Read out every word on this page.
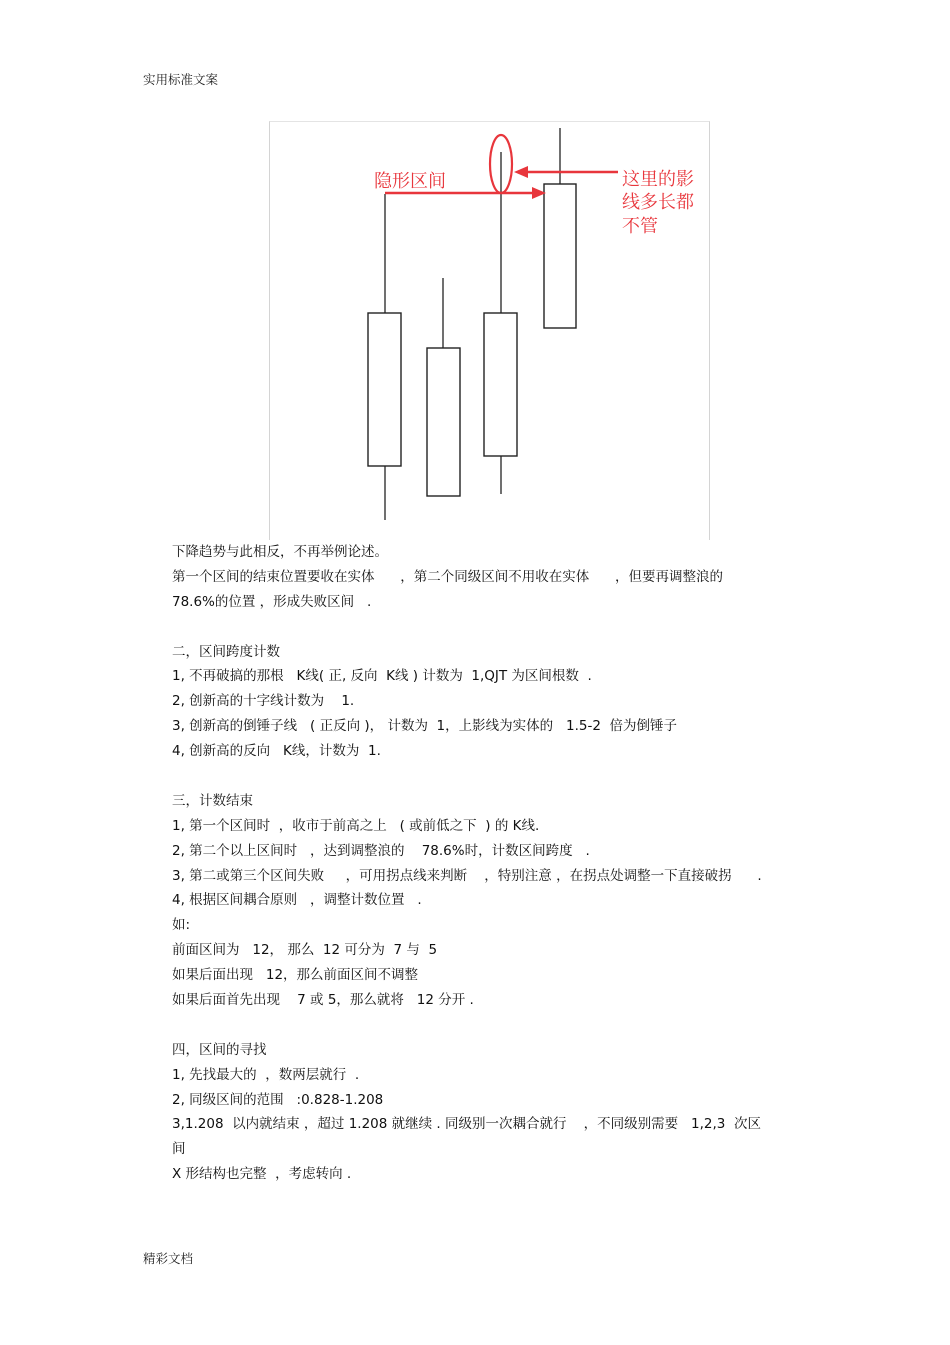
实用标准文案
隐形区间	这里的影
线多长都
不管
下降趋势与此相反，不再举例论述。
第一个区间的结束位置要收在实体      ，第二个同级区间不用收在实体      ，但要再调整浪的
78.6%的位置 ，形成失败区间   .
二，区间跨度计数
1, 不再破搞的那根   K线( 正, 反向  K线 ) 计数为  1,QJT 为区间根数  .
2, 创新高的十字线计数为    1.
3, 创新高的倒锤子线   ( 正反向 )， 计数为  1，上影线为实体的   1.5-2  倍为倒锤子
4, 创新高的反向   K线，计数为  1.
三，计数结束
1, 第一个区间时  ，收市于前高之上   ( 或前低之下  ) 的 K线.
2, 第二个以上区间时   ，达到调整浪的    78.6%时，计数区间跨度   .
3, 第二或第三个区间失败     ，可用拐点线来判断    ，特别注意 ，在拐点处调整一下直接破拐      .
4, 根据区间耦合原则   ，调整计数位置   .
如:
前面区间为   12， 那么  12 可分为  7 与  5
如果后面出现   12，那么前面区间不调整
如果后面首先出现    7 或 5，那么就将   12 分开 .
四，区间的寻找
1, 先找最大的  ，数两层就行  .
2, 同级区间的范围   :0.828-1.208
3,1.208  以内就结束 ，超过 1.208 就继续 . 同级别一次耦合就行    ，不同级别需要   1,2,3  次区
间
X 形结构也完整  ，考虑转向 .
精彩文档
